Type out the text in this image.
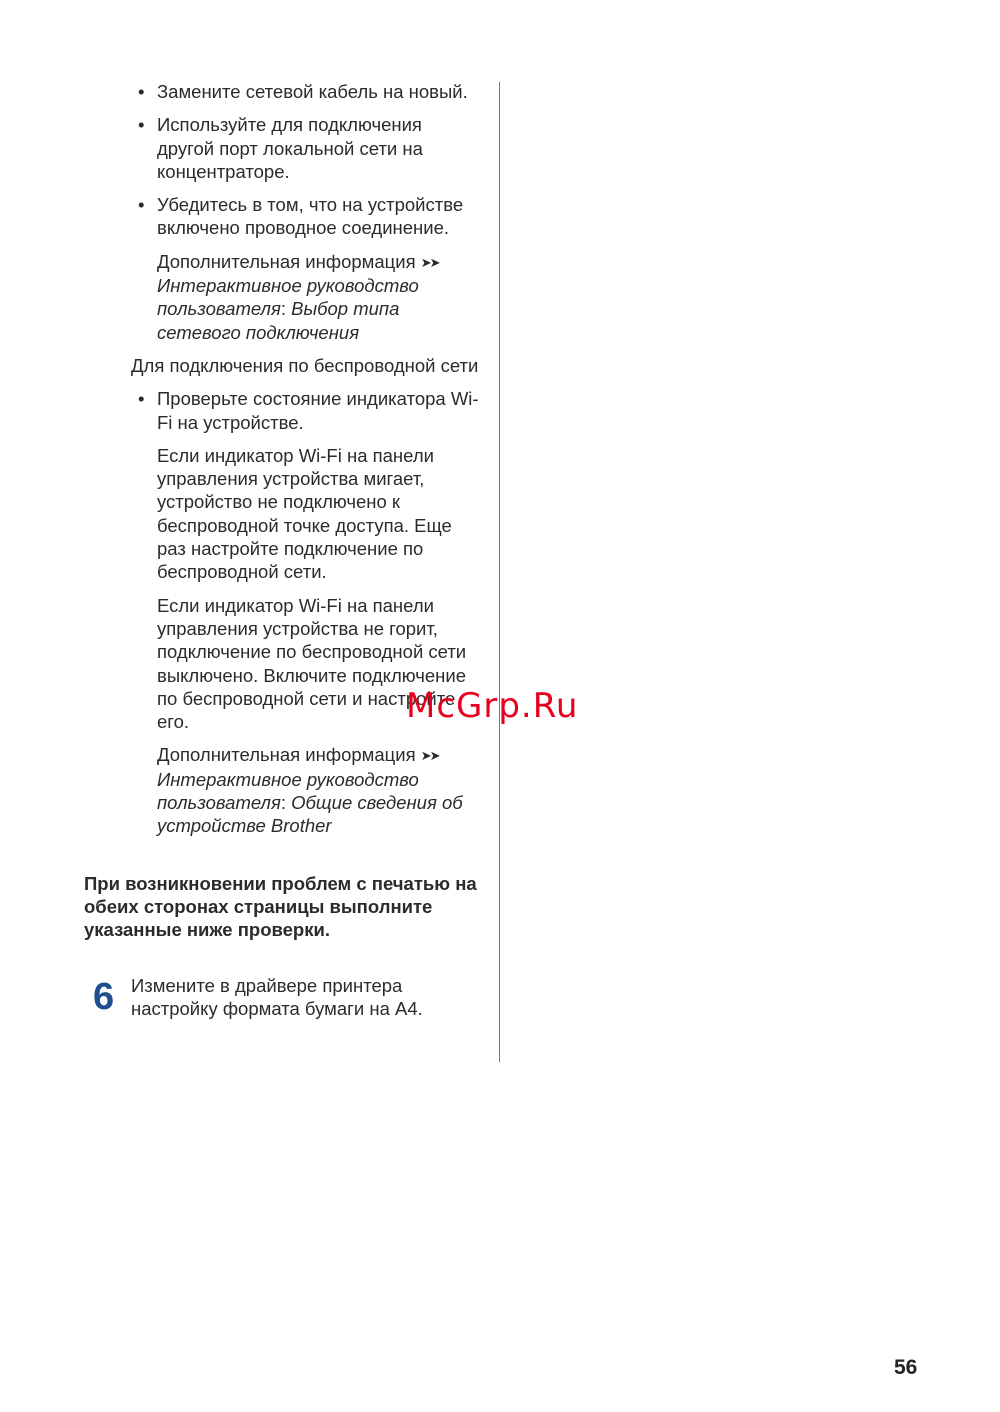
• Замените сетевой кабель на новый.
• Используйте для подключения другой порт локальной сети на концентраторе.
• Убедитесь в том, что на устройстве включено проводное соединение.
Дополнительная информация ➤➤ Интерактивное руководство пользователя: Выбор типа сетевого подключения
Для подключения по беспроводной сети
• Проверьте состояние индикатора Wi-Fi на устройстве.
Если индикатор Wi-Fi на панели управления устройства мигает, устройство не подключено к беспроводной точке доступа. Еще раз настройте подключение по беспроводной сети.
Если индикатор Wi-Fi на панели управления устройства не горит, подключение по беспроводной сети выключено. Включите подключение по беспроводной сети и настройте его.
Дополнительная информация ➤➤ Интерактивное руководство пользователя: Общие сведения об устройстве Brother
При возникновении проблем с печатью на обеих сторонах страницы выполните указанные ниже проверки.
6 Измените в драйвере принтера настройку формата бумаги на A4.
McGrp.Ru
56
